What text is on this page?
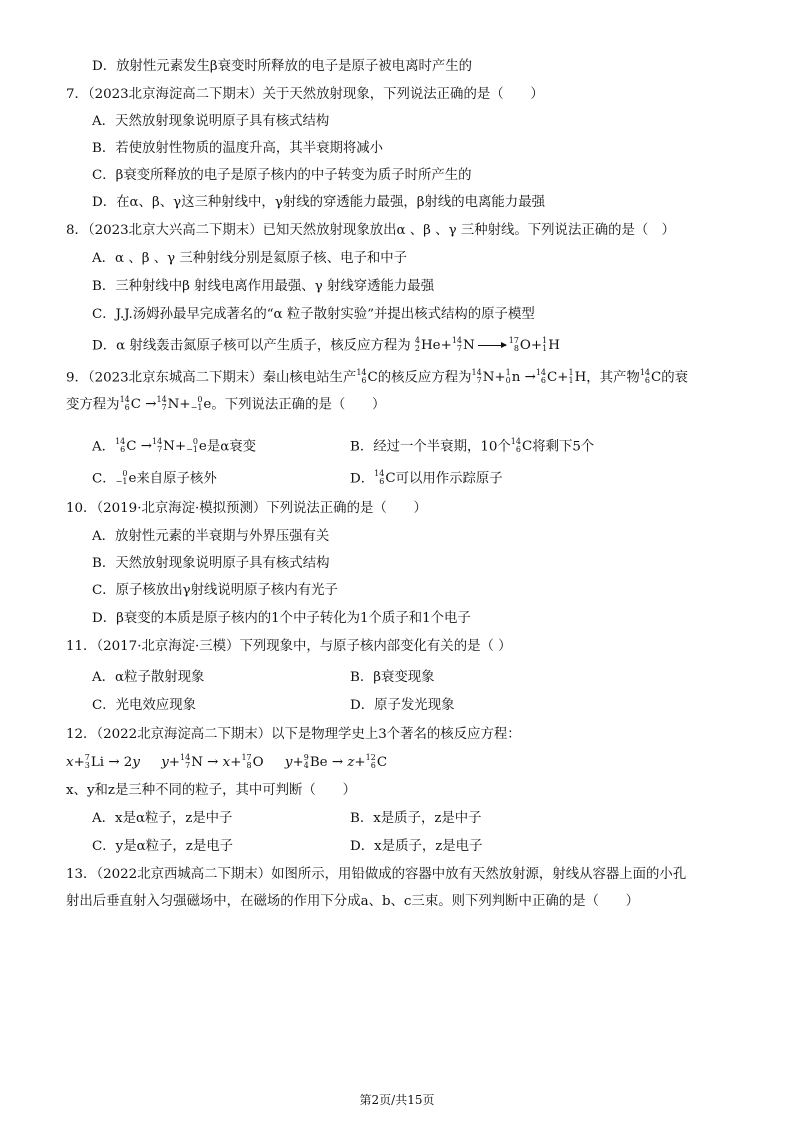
D．放射性元素发生β衰变时所释放的电子是原子被电离时产生的
7．（2023北京海淀高二下期末）关于天然放射现象，下列说法正确的是（　　）
A．天然放射现象说明原子具有核式结构
B．若使放射性物质的温度升高，其半衰期将减小
C．β衰变所释放的电子是原子核内的中子转变为质子时所产生的
D．在α、β、γ这三种射线中，γ射线的穿透能力最强，β射线的电离能力最强
8．（2023北京大兴高二下期末）已知天然放射现象放出α 、β 、γ 三种射线。下列说法正确的是（　）
A．α 、β 、γ 三种射线分别是氦原子核、电子和中子
B．三种射线中β 射线电离作用最强、γ 射线穿透能力最强
C．J.J.汤姆孙最早完成著名的“α 粒子散射实验”并提出核式结构的原子模型
D．α 射线轰击氮原子核可以产生质子，核反应方程为 4
2 He+ 14
7 N	17
8 O+ 1
1 H
9．（2023北京东城高二下期末）秦山核电站生产 14
6 C的核反应方程为 14
7 N+ 1
0 n → 14
6 C+ 1
1 H，其产物 14
6 C的衰
变方程为 14
6 C → 14
7 N+ 0
−1 e。下列说法正确的是（　　）
A． 14
6 C → 14
7 N+ 0
−1 e是α衰变	B．经过一个半衰期，10个 14
6 C将剩下5个
C． 0
−1 e来自原子核外	D． 14
6 C可以用作示踪原子
10．（2019·北京海淀·模拟预测）下列说法正确的是（　　）
A．放射性元素的半衰期与外界压强有关
B．天然放射现象说明原子具有核式结构
C．原子核放出γ射线说明原子核内有光子
D．β衰变的本质是原子核内的1个中子转化为1个质子和1个电子
11．（2017·北京海淀·三模）下列现象中，与原子核内部变化有关的是（ ）
A．α粒子散射现象	B．β衰变现象
C．光电效应现象	D．原子发光现象
12．（2022北京海淀高二下期末）以下是物理学史上3个著名的核反应方程：
x+ 7
3 Li → 2y y+ 14
7 N → x+ 17
8 O y+ 9
4 Be → z+ 12
6 C
x、y和z是三种不同的粒子，其中可判断（　　）
A．x是α粒子，z是中子	B．x是质子，z是中子
C．y是α粒子，z是电子	D．x是质子，z是电子
13．（2022北京西城高二下期末）如图所示，用铅做成的容器中放有天然放射源，射线从容器上面的小孔
射出后垂直射入匀强磁场中，在磁场的作用下分成a、b、c三束。则下列判断中正确的是（　　）
第2页/共15页
